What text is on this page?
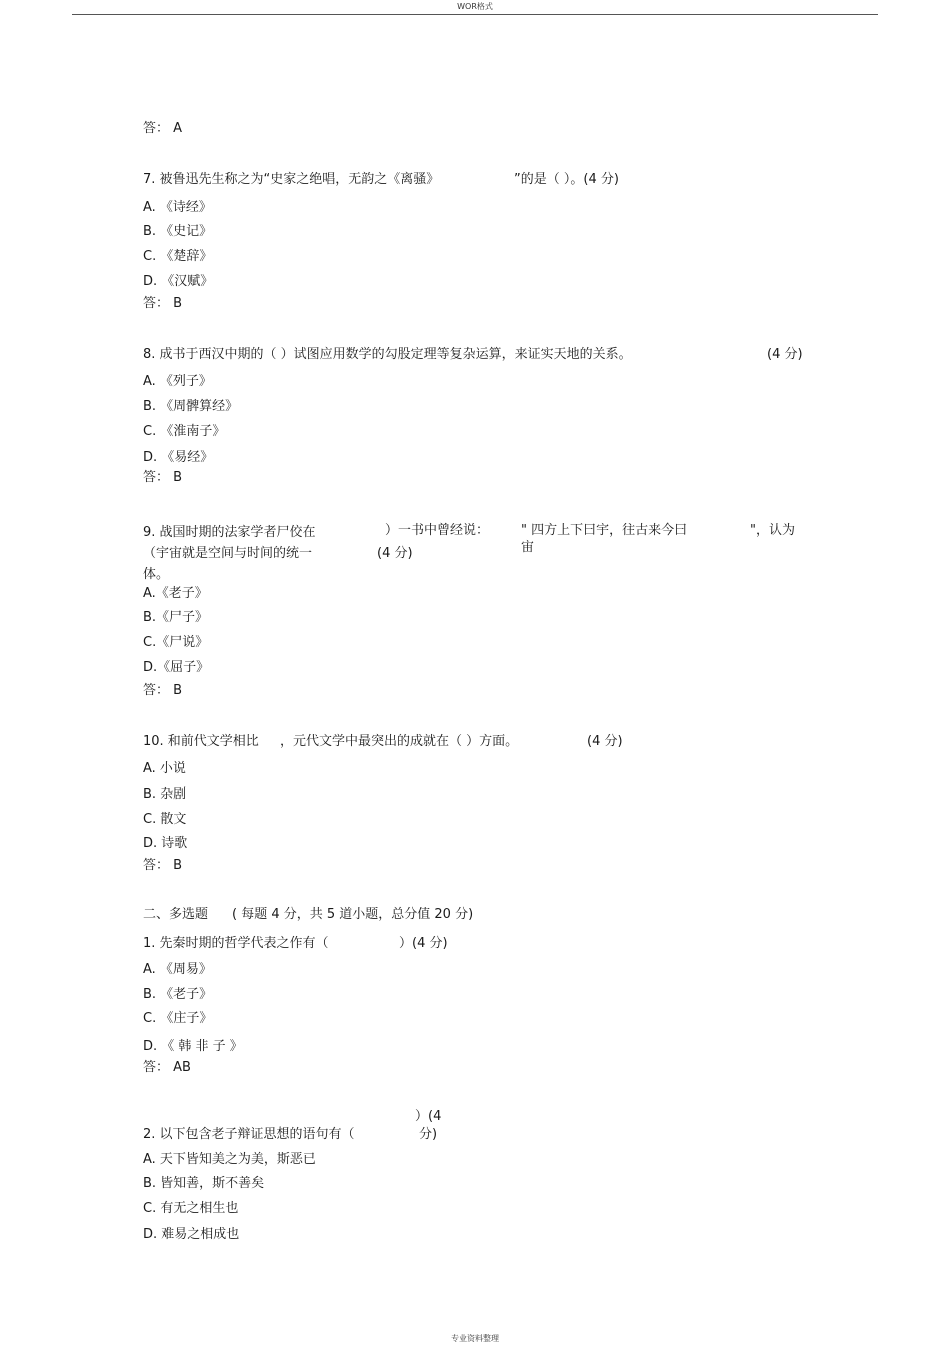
WOR格式
答： A
7. 被鲁迅先生称之为“史家之绝唱，无韵之《离骚》	”的是（ ）。(4 分)
A. 《诗经》
B. 《史记》
C. 《楚辞》
D. 《汉赋》
答： B
8. 成书于西汉中期的（ ）试图应用数学的勾股定理等复杂运算，来证实天地的关系。	(4 分)
A. 《列子》
B. 《周髀算经》
C. 《淮南子》
D. 《易经》
答： B
9. 战国时期的法家学者尸佼在	）一书中曾经说： " 四方上下曰宇，往古来今曰
宙
"，认为
（宇宙就是空间与时间的统一	(4 分)
体。
A.《老子》
B.《尸子》
C.《尸说》
D.《屈子》
答： B
10. 和前代文学相比 ，元代文学中最突出的成就在（ ）方面。	(4 分)
A. 小说
B. 杂剧
C. 散文
D. 诗歌
答： B
二、多选题 ( 每题 4 分，共 5 道小题，总分值 20 分)
1. 先秦时期的哲学代表之作有（	）(4 分)
A. 《周易》
B. 《老子》
C. 《庄子》
D. 《 韩 非 子 》
答： AB
）(4
2. 以下包含老子辩证思想的语句有（	分)
A. 天下皆知美之为美，斯恶已
B. 皆知善，斯不善矣
C. 有无之相生也
D. 难易之相成也
专业资料整理
